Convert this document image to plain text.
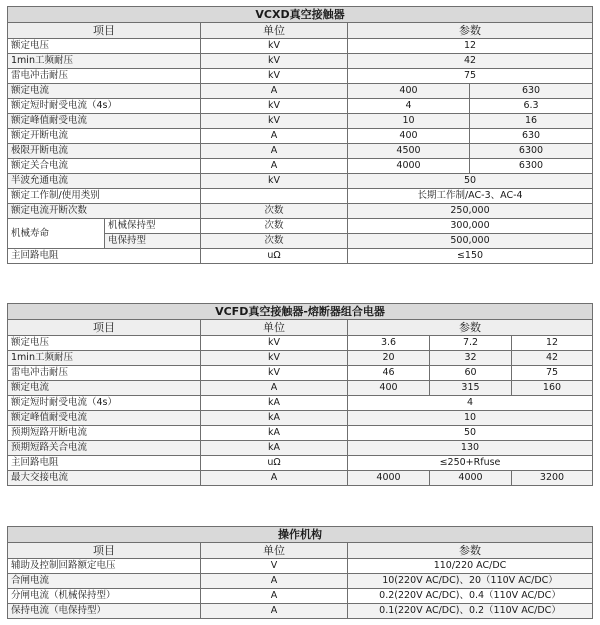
VCXD真空接触器				
项目		单位	参数	
额定电压		kV	12	
1min工频耐压		kV	42	
雷电冲击耐压		kV	75	
额定电流		A	400	630
额定短时耐受电流（4s）		kV	4	6.3
额定峰值耐受电流		kV	10	16
额定开断电流		A	400	630
极限开断电流		A	4500	6300
额定关合电流		A	4000	6300
半波允通电流		kV	50	
额定工作制/使用类别			长期工作制/AC-3、AC-4	
额定电流开断次数		次数	250,000	
机械寿命	机械保持型	次数	300,000	
	电保持型	次数	500,000	
主回路电阻		uΩ	≤150	
VCFD真空接触器-熔断器组合电器				
项目	单位	参数		
额定电压	kV	3.6	7.2	12
1min工频耐压	kV	20	32	42
雷电冲击耐压	kV	46	60	75
额定电流	A	400	315	160
额定短时耐受电流（4s）	kA	4		
额定峰值耐受电流	kA	10		
预期短路开断电流	kA	50		
预期短路关合电流	kA	130		
主回路电阻	uΩ	≤250+Rfuse		
最大交接电流	A	4000	4000	3200
操作机构		
项目	单位	参数
辅助及控制回路额定电压	V	110/220 AC/DC
合闸电流	A	10(220V AC/DC)、20（110V AC/DC）
分闸电流（机械保持型）	A	0.2(220V AC/DC)、0.4（110V AC/DC）
保持电流（电保持型）	A	0.1(220V AC/DC)、0.2（110V AC/DC）
